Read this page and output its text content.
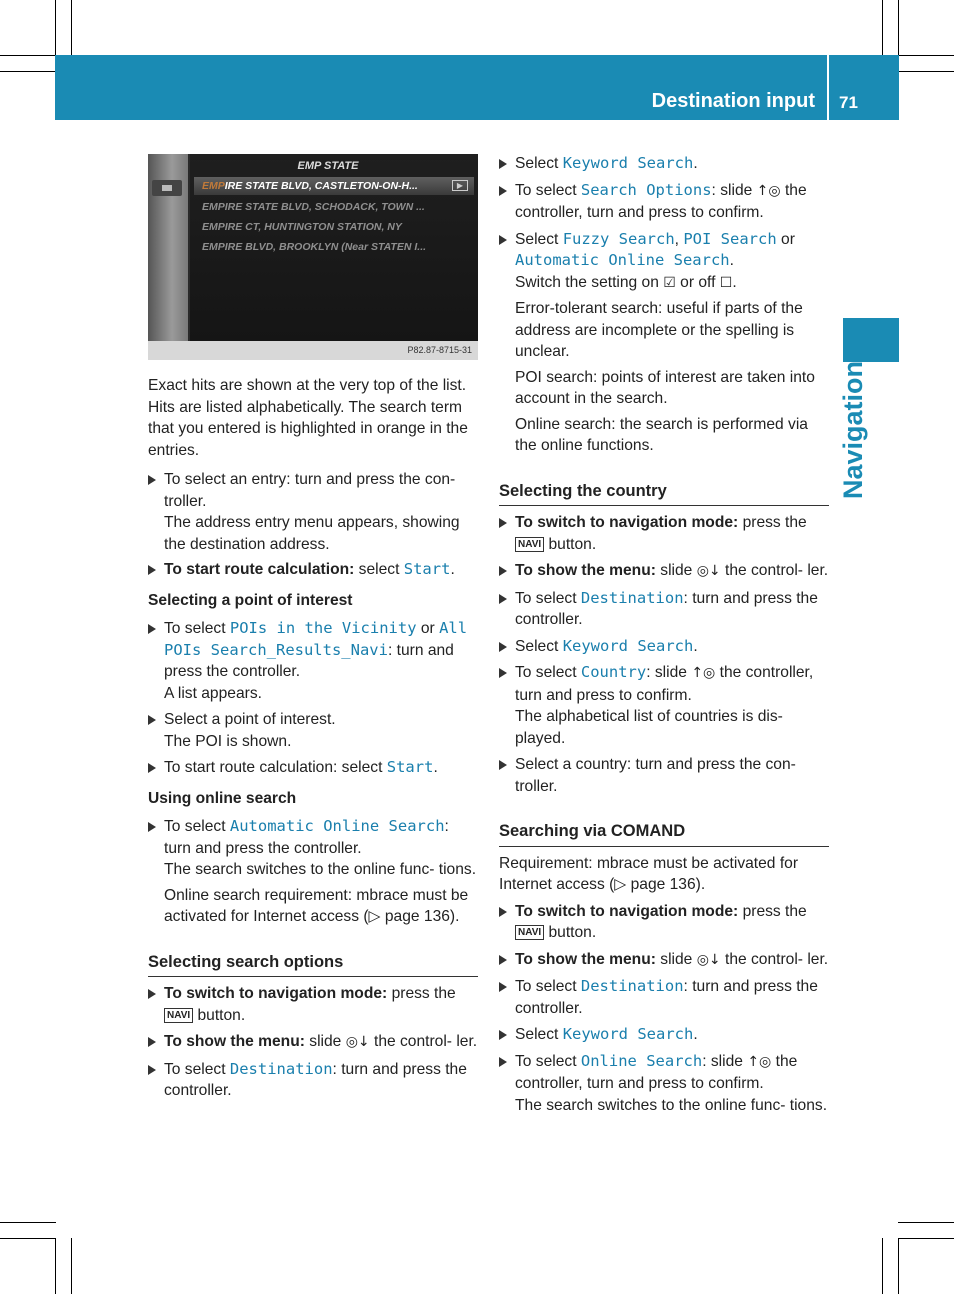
Destination input 71
Navigation
EMP STATE
EMPIRE STATE BLVD, CASTLETON-ON-H...	▶
EMPIRE STATE BLVD, SCHODACK, TOWN ...
EMPIRE CT, HUNTINGTON STATION, NY
EMPIRE BLVD, BROOKLYN (Near STATEN I...
P82.87-8715-31

Exact hits are shown at the very top of the list. Hits are listed alphabetically. The search term that you entered is highlighted in orange in the entries.

To select an entry: turn and press the con- troller.

The address entry menu appears, showing the destination address.

To start route calculation: select Start.

Selecting a point of interest

To select POIs in the Vicinity or All POIs Search_Results_Navi: turn and press the controller.

A list appears.

Select a point of interest.

The POI is shown.

To start route calculation: select Start.

Using online search

To select Automatic Online Search: turn and press the controller.

The search switches to the online func- tions.

Online search requirement: mbrace must be activated for Internet access (▷ page 136).

Selecting search options

To switch to navigation mode: press the NAVI button.

To show the menu: slide ◎↓ the control- ler.

To select Destination: turn and press the controller.

Select Keyword Search.

To select Search Options: slide ↑◎ the controller, turn and press to confirm.

Select Fuzzy Search, POI Search or Automatic Online Search.

Switch the setting on ☑ or off ☐.

Error-tolerant search: useful if parts of the address are incomplete or the spelling is unclear.

POI search: points of interest are taken into account in the search.

Online search: the search is performed via the online functions.

Selecting the country

To switch to navigation mode: press the NAVI button.

To show the menu: slide ◎↓ the control- ler.

To select Destination: turn and press the controller.

Select Keyword Search.

To select Country: slide ↑◎ the controller, turn and press to confirm.

The alphabetical list of countries is dis- played.

Select a country: turn and press the con- troller.

Searching via COMAND

Requirement: mbrace must be activated for Internet access (▷ page 136).

To switch to navigation mode: press the NAVI button.

To show the menu: slide ◎↓ the control- ler.

To select Destination: turn and press the controller.

Select Keyword Search.

To select Online Search: slide ↑◎ the controller, turn and press to confirm.

The search switches to the online func- tions.
